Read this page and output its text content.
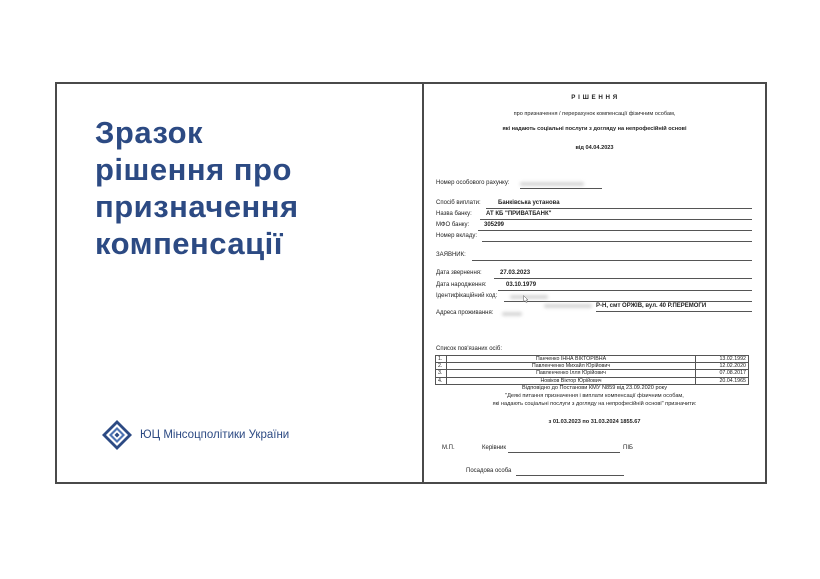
Зразок
рішення про
призначення
компенсації
ЮЦ Мінсоцполітики України
Р І Ш Е Н Н Я
про призначення / перерахунок компенсації фізичним особам,
які надають соціальні послуги з догляду на непрофесійній основі
від 04.04.2023
Номер особового рахунку:
Спосіб виплати:	Банківська установа
Назва банку: АТ КБ "ПРИВАТБАНК"
МФО банку: 305299
Номер вкладу:
ЗАЯВНИК:
Дата звернення:	27.03.2023
Дата народження:	03.10.1979
Ідентифікаційний код:
Адреса проживання:
Р-Н, смт ОРЖІВ, вул. 40 Р.ПЕРЕМОГИ
Список пов'язаних осіб:
1.	Панченко ІННА ВІКТОРІВНА	13.02.1992
2.	Павленченко Михайл Юрійович	12.02.2020
3.	Павленченко Ілля Юрійович	07.08.2017
4.	Новіков Віктор Юрійович	20.04.1965
Відповідно до Постанови КМУ N859 від 23.09.2020 року
"Деякі питання призначення і виплати компенсації фізичним особам,
які надають соціальні послуги з догляду на непрофесійній основі" призначити:
з 01.03.2023 по 31.03.2024 1855.67
М.П.	Керівник	ПІБ
Посадова особа
